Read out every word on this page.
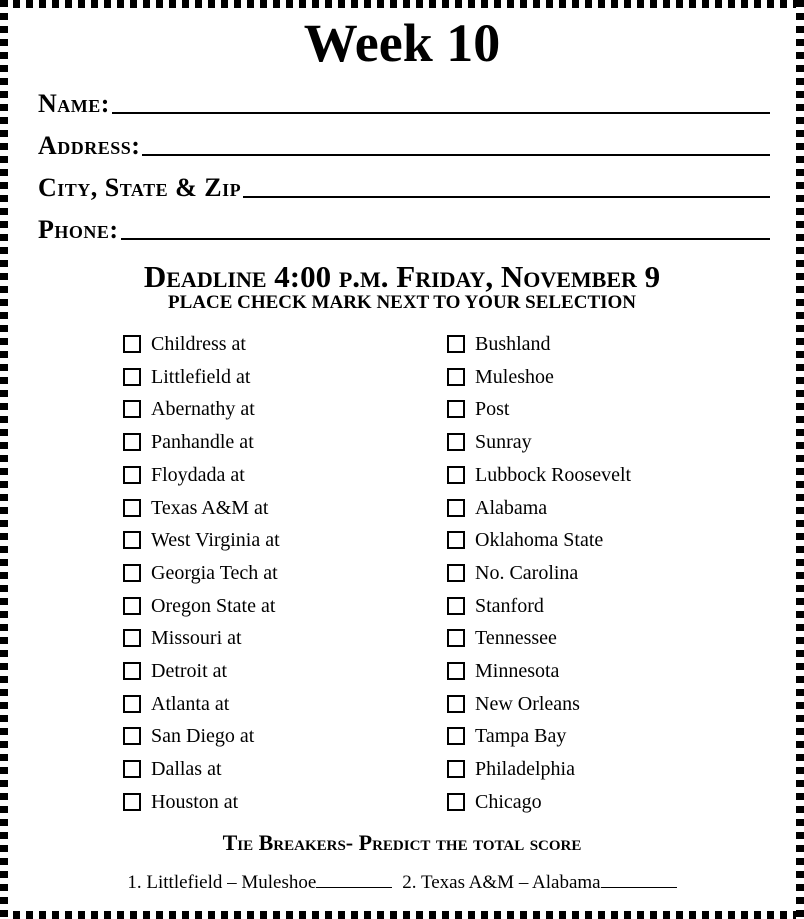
Week 10
Name:
Address:
City, State & Zip
Phone:
Deadline 4:00 p.m. Friday, November 9
PLACE CHECK MARK NEXT TO YOUR SELECTION
Childress at	Bushland
Littlefield at	Muleshoe
Abernathy at	Post
Panhandle at	Sunray
Floydada at	Lubbock Roosevelt
Texas A&M at	Alabama
West Virginia at	Oklahoma State
Georgia Tech at	No. Carolina
Oregon State at	Stanford
Missouri at	Tennessee
Detroit at	Minnesota
Atlanta at	New Orleans
San Diego at	Tampa Bay
Dallas at	Philadelphia
Houston at	Chicago
Tie Breakers- Predict the total score
1. Littlefield – Muleshoe	2. Texas A&M – Alabama
